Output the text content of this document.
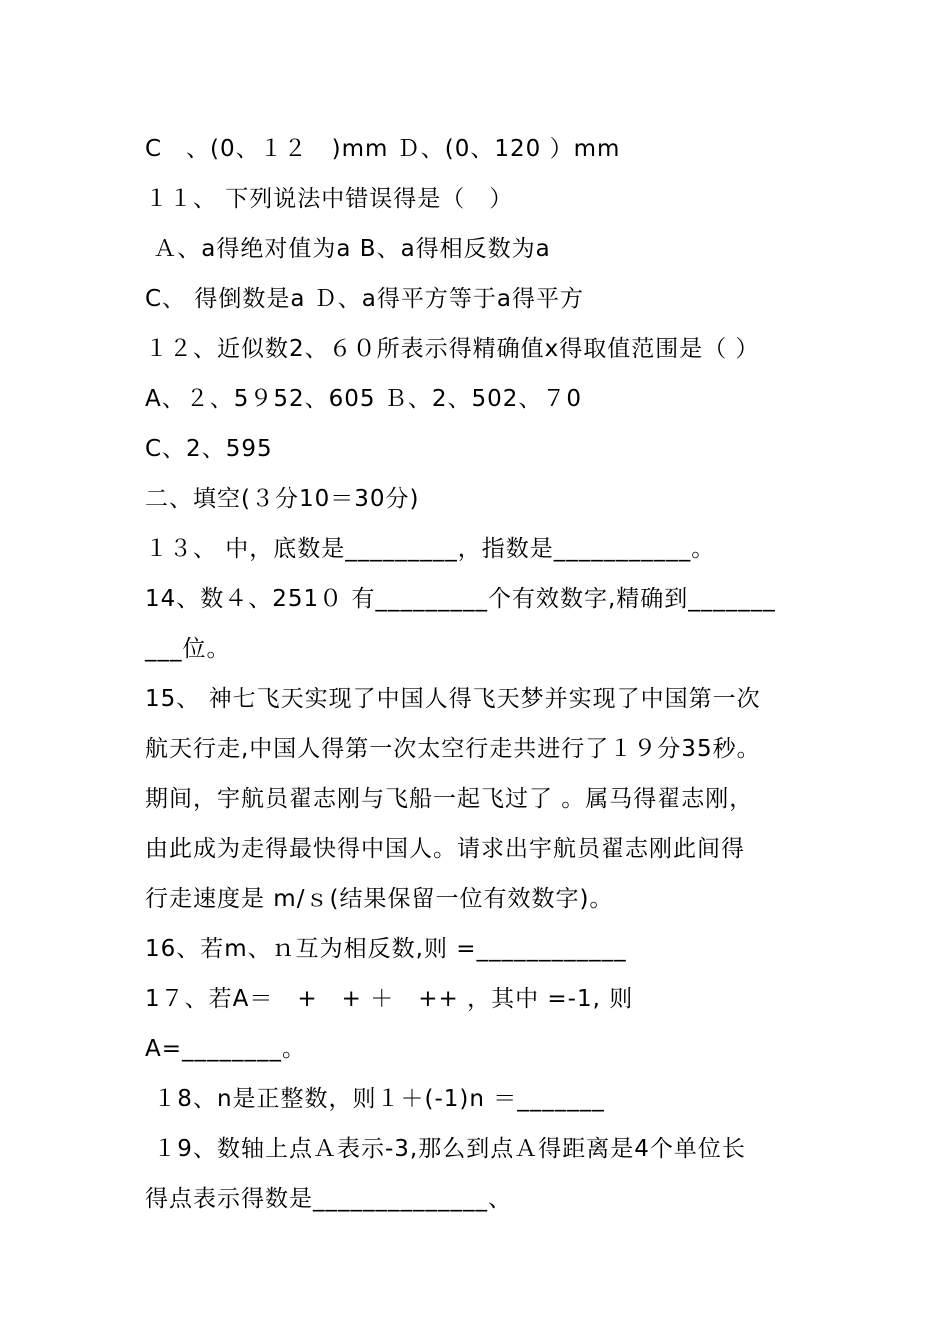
C　、(0、１２　)mm Ｄ、(0、120 ）mm
１１、 下列说法中错误得是（　）
Ａ、a得绝对值为a B、a得相反数为a
C、 得倒数是a Ｄ、a得平方等于a得平方
１２、近似数2、６０所表示得精确值x得取值范围是（ ）
A、２、5９52、605 Ｂ、2、502、７0
C、2、595
二、填空(３分10＝30分)
１３、 中，底数是_________，指数是___________。
14、数４、251０ 有_________个有效数字,精确到_______
___位。
15、 神七飞天实现了中国人得飞天梦并实现了中国第一次
航天行走,中国人得第一次太空行走共进行了１９分35秒。
期间，宇航员翟志刚与飞船一起飞过了 。属马得翟志刚，
由此成为走得最快得中国人。请求出宇航员翟志刚此间得
行走速度是 m/ｓ(结果保留一位有效数字)。
16、若m、ｎ互为相反数,则 =____________
1７、若A＝　+　+ ＋　++ ，其中 =-1, 则
A=________。
１8、n是正整数，则１＋(-1)n ＝_______
１9、数轴上点Ａ表示-3,那么到点Ａ得距离是4个单位长
得点表示得数是______________、
